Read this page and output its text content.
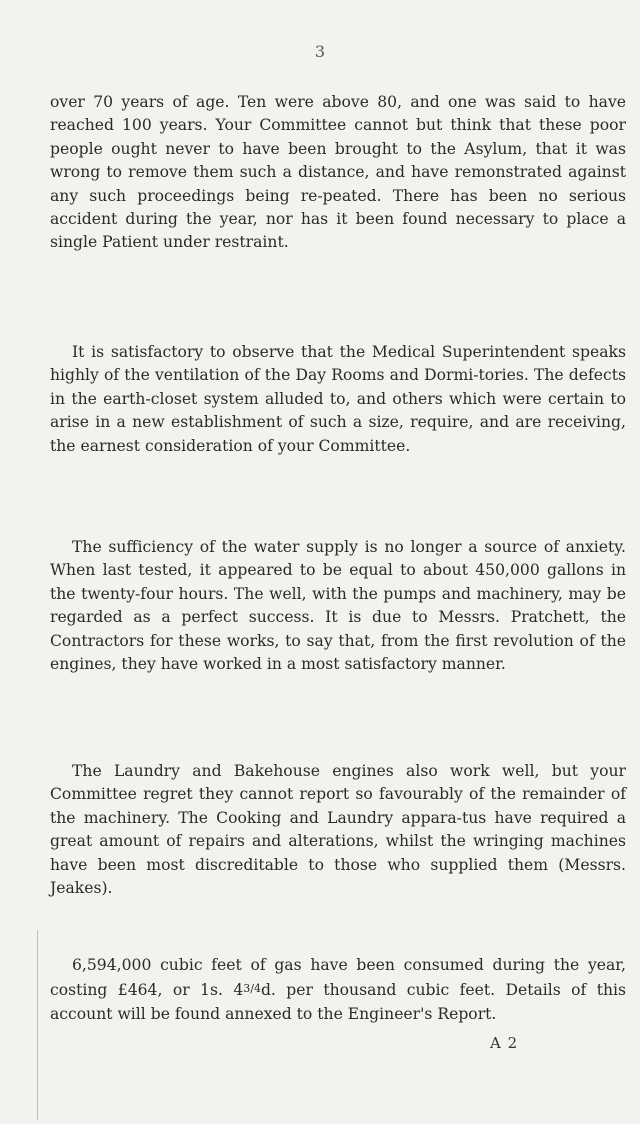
3

over 70 years of age. Ten were above 80, and one was said to have reached 100 years. Your Committee cannot but think that these poor people ought never to have been brought to the Asylum, that it was wrong to remove them such a distance, and have remonstrated against any such proceedings being re-peated. There has been no serious accident during the year, nor has it been found necessary to place a single Patient under restraint.

It is satisfactory to observe that the Medical Superintendent speaks highly of the ventilation of the Day Rooms and Dormi-tories. The defects in the earth-closet system alluded to, and others which were certain to arise in a new establishment of such a size, require, and are receiving, the earnest consideration of your Committee.

The sufficiency of the water supply is no longer a source of anxiety. When last tested, it appeared to be equal to about 450,000 gallons in the twenty-four hours. The well, with the pumps and machinery, may be regarded as a perfect success. It is due to Messrs. Pratchett, the Contractors for these works, to say that, from the first revolution of the engines, they have worked in a most satisfactory manner.

The Laundry and Bakehouse engines also work well, but your Committee regret they cannot report so favourably of the remainder of the machinery. The Cooking and Laundry appara-tus have required a great amount of repairs and alterations, whilst the wringing machines have been most discreditable to those who supplied them (Messrs. Jeakes).

6,594,000 cubic feet of gas have been consumed during the year, costing £464, or 1s. 43/4d. per thousand cubic feet. Details of this account will be found annexed to the Engineer's Report.

A 2
